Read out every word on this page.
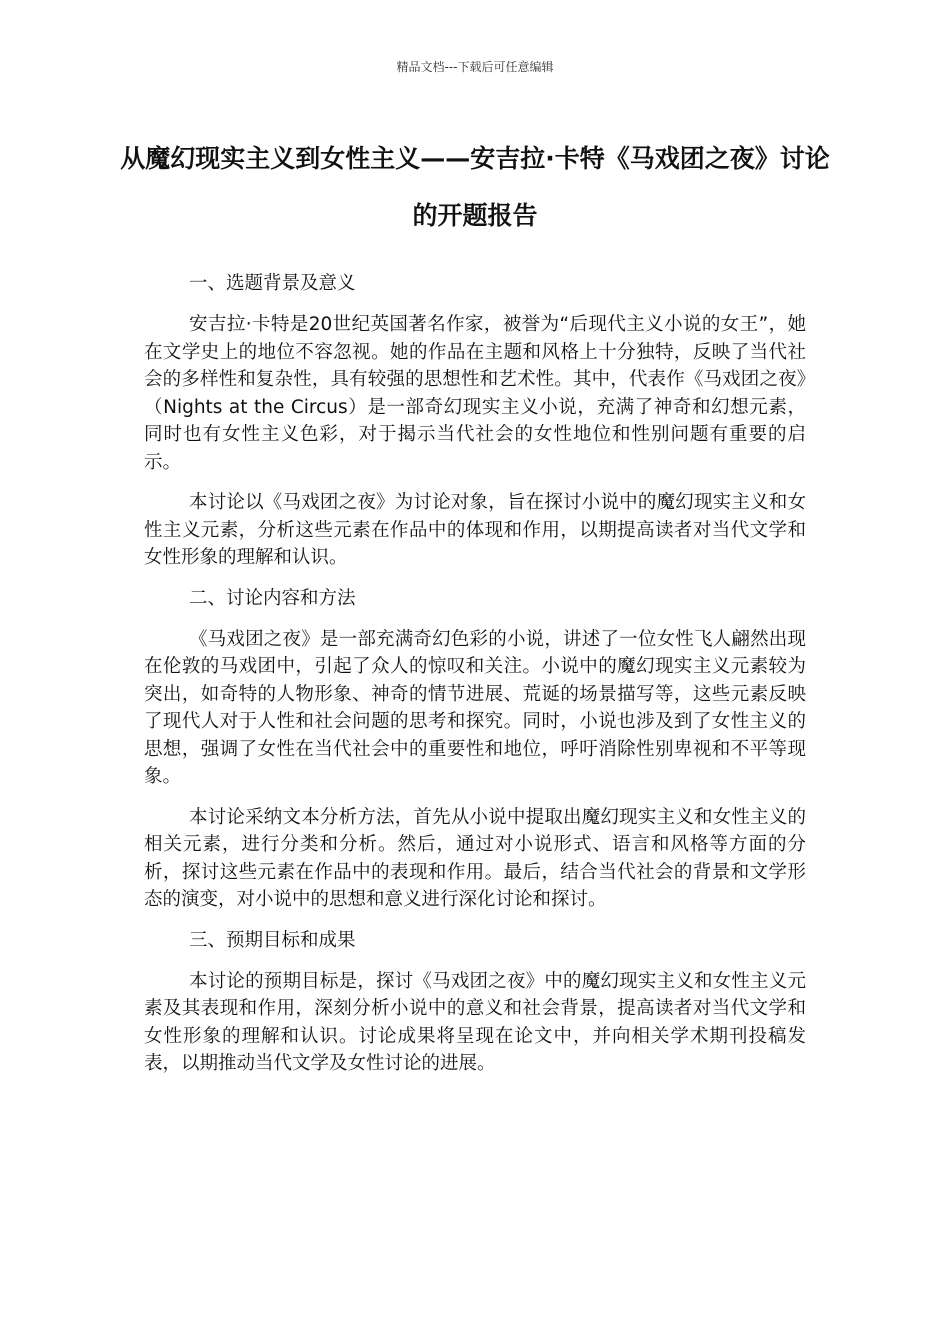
精品文档---下载后可任意编辑
从魔幻现实主义到女性主义——安吉拉·卡特《马戏团之夜》讨论的开题报告

一、选题背景及意义

安吉拉·卡特是20世纪英国著名作家，被誉为“后现代主义小说的女王”，她在文学史上的地位不容忽视。她的作品在主题和风格上十分独特，反映了当代社会的多样性和复杂性，具有较强的思想性和艺术性。其中，代表作《马戏团之夜》（Nights at the Circus）是一部奇幻现实主义小说，充满了神奇和幻想元素，同时也有女性主义色彩，对于揭示当代社会的女性地位和性别问题有重要的启示。

本讨论以《马戏团之夜》为讨论对象，旨在探讨小说中的魔幻现实主义和女性主义元素，分析这些元素在作品中的体现和作用，以期提高读者对当代文学和女性形象的理解和认识。

二、讨论内容和方法

《马戏团之夜》是一部充满奇幻色彩的小说，讲述了一位女性飞人翩然出现在伦敦的马戏团中，引起了众人的惊叹和关注。小说中的魔幻现实主义元素较为突出，如奇特的人物形象、神奇的情节进展、荒诞的场景描写等，这些元素反映了现代人对于人性和社会问题的思考和探究。同时，小说也涉及到了女性主义的思想，强调了女性在当代社会中的重要性和地位，呼吁消除性别卑视和不平等现象。

本讨论采纳文本分析方法，首先从小说中提取出魔幻现实主义和女性主义的相关元素，进行分类和分析。然后，通过对小说形式、语言和风格等方面的分析，探讨这些元素在作品中的表现和作用。最后，结合当代社会的背景和文学形态的演变，对小说中的思想和意义进行深化讨论和探讨。

三、预期目标和成果

本讨论的预期目标是，探讨《马戏团之夜》中的魔幻现实主义和女性主义元素及其表现和作用，深刻分析小说中的意义和社会背景，提高读者对当代文学和女性形象的理解和认识。讨论成果将呈现在论文中，并向相关学术期刊投稿发表，以期推动当代文学及女性讨论的进展。
